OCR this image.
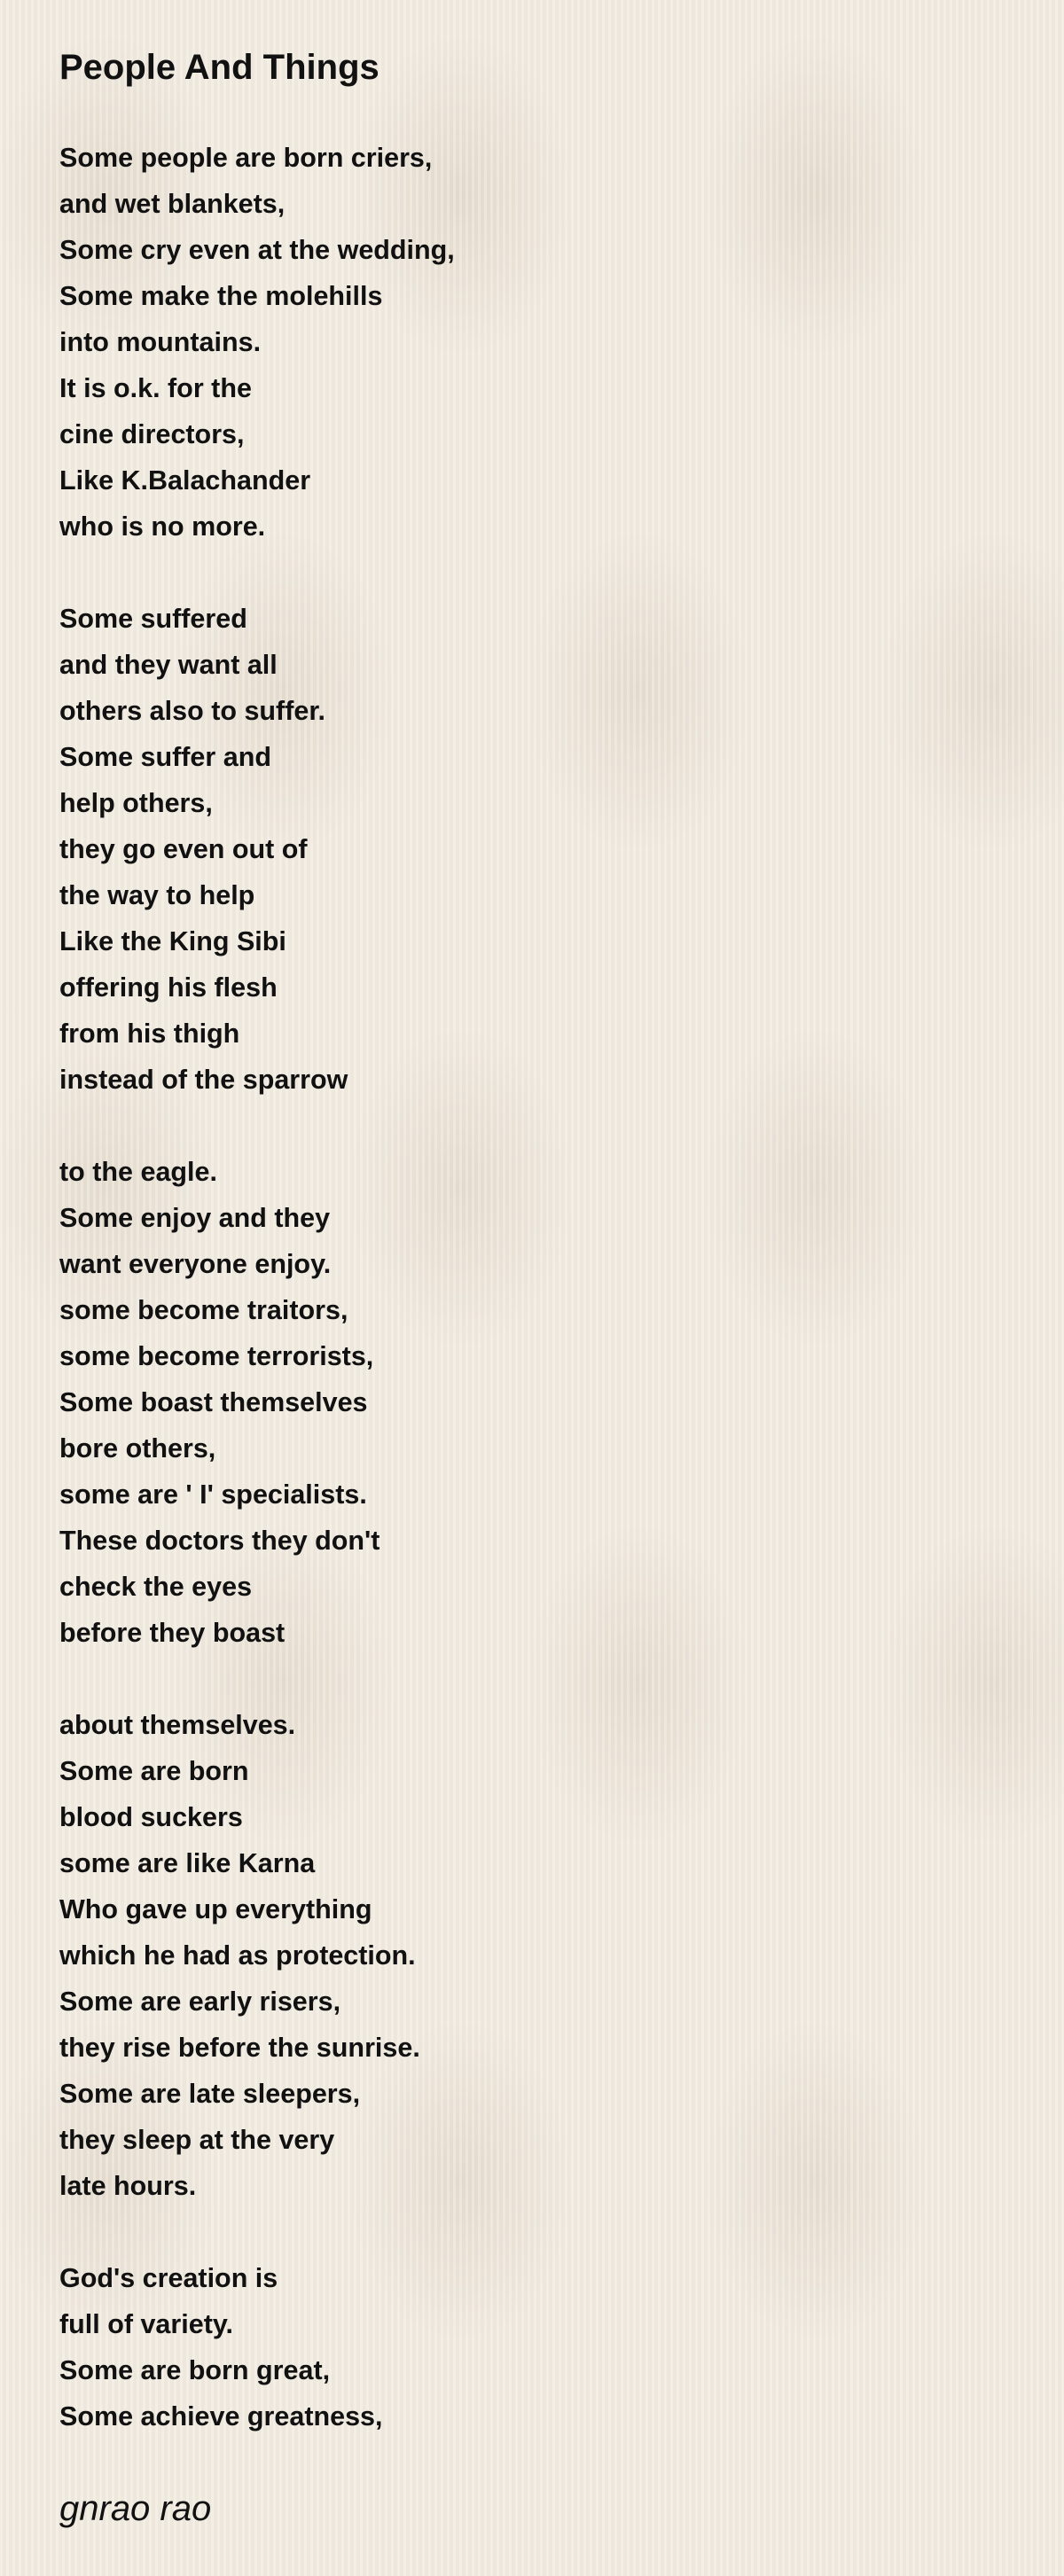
People And Things
Some people are born criers,
and wet blankets,
Some cry even at the wedding,
Some make the molehills
into mountains.
It is o.k. for the
cine directors,
Like K.Balachander
who is no more.
Some suffered
and they want all
others also to suffer.
Some suffer and
help others,
they go even out of
the way to help
Like the King Sibi
offering his flesh
from his thigh
instead of the sparrow
to the eagle.
Some enjoy and they
want everyone enjoy.
some become traitors,
some become terrorists,
Some boast themselves
bore others,
some are ' I' specialists.
These doctors they don't
check the eyes
before they boast
about themselves.
Some are born
blood suckers
some are like Karna
Who gave up everything
which he had as protection.
Some are early risers,
they rise before the sunrise.
Some are late sleepers,
they sleep at the very
late hours.
God's creation is
full of variety.
Some are born great,
Some achieve greatness,
gnrao rao
